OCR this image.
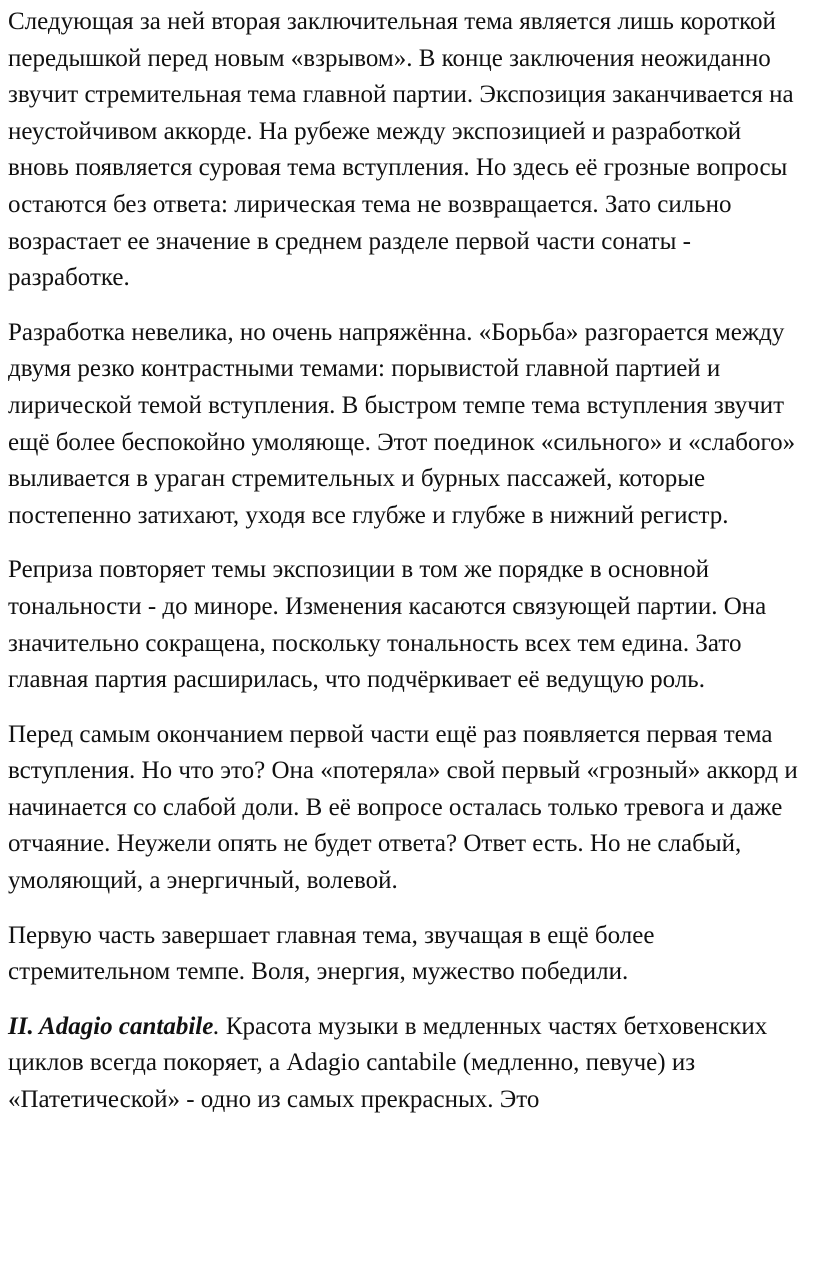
Следующая за ней вторая заключительная тема является лишь короткой передышкой перед новым «взрывом». В конце заключения неожиданно звучит стремительная тема главной партии. Экспозиция заканчивается на неустойчивом аккорде. На рубеже между экспозицией и разработкой вновь появляется суровая тема вступления. Но здесь её грозные вопросы остаются без ответа: лирическая тема не возвращается. Зато сильно возрастает ее значение в среднем разделе первой части сонаты - разработке.

Разработка невелика, но очень напряжённа. «Борьба» разгорается между двумя резко контрастными темами: порывистой главной партией и лирической темой вступления. В быстром темпе тема вступления звучит ещё более беспокойно умоляюще. Этот поединок «сильного» и «слабого» выливается в ураган стремительных и бурных пассажей, которые постепенно затихают, уходя все глубже и глубже в нижний регистр.

Реприза повторяет темы экспозиции в том же порядке в основной тональности - до миноре. Изменения касаются связующей партии. Она значительно сокращена, поскольку тональность всех тем едина. Зато главная партия расширилась, что подчёркивает её ведущую роль.

Перед самым окончанием первой части ещё раз появляется первая тема вступления. Но что это? Она «потеряла» свой первый «грозный» аккорд и начинается со слабой доли. В её вопросе осталась только тревога и даже отчаяние. Неужели опять не будет ответа? Ответ есть. Но не слабый, умоляющий, а энергичный, волевой.

Первую часть завершает главная тема, звучащая в ещё более стремительном темпе. Воля, энергия, мужество победили.

II. Adagio cantabile. Красота музыки в медленных частях бетховенских циклов всегда покоряет, а Adagio cantabile (медленно, певуче) из «Патетической» - одно из самых прекрасных. Это
